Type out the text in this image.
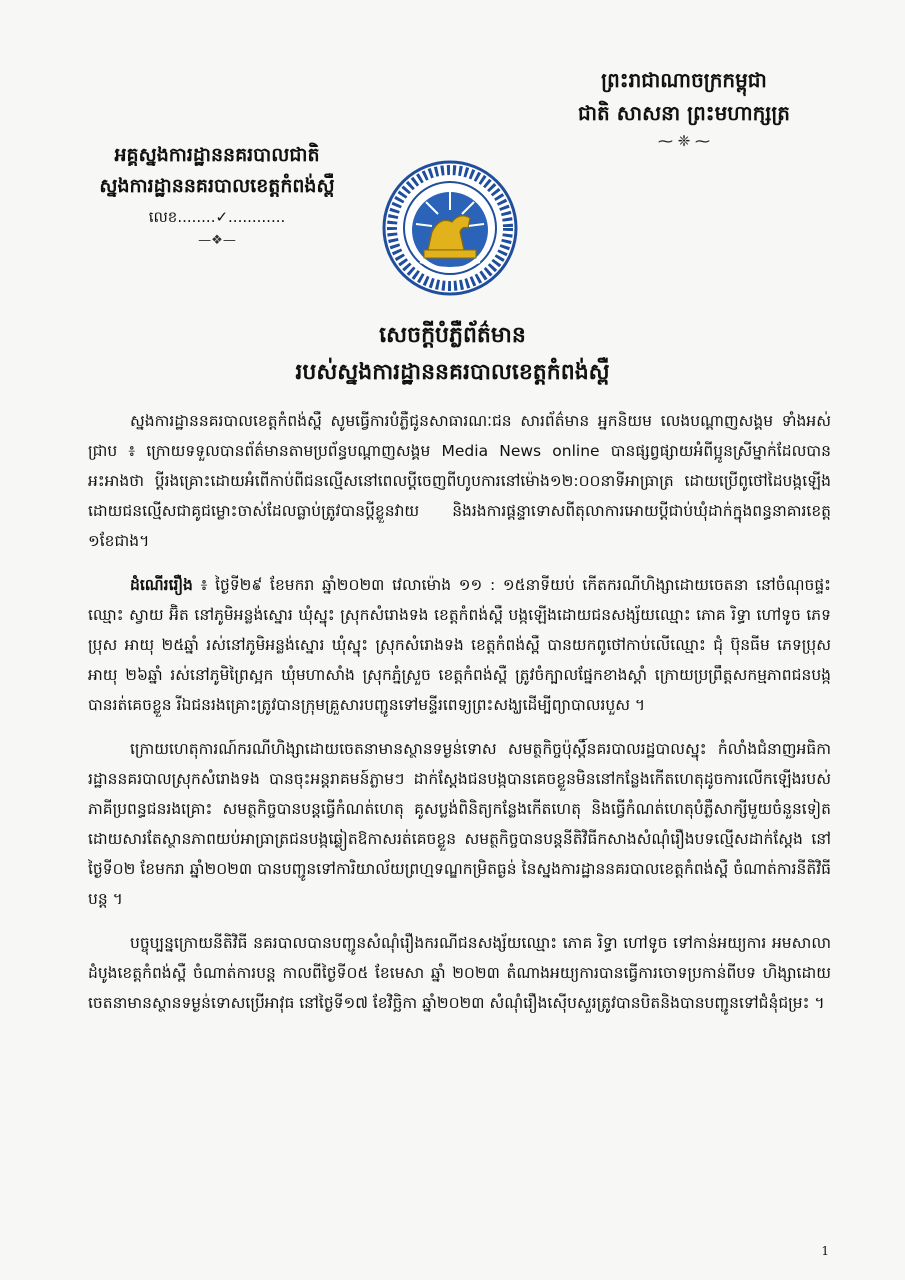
ព្រះរាជាណាចក្រកម្ពុជា
ជាតិ សាសនា ព្រះមហាក្សត្រ
⁓ ❈ ⁓
អគ្គស្នងការដ្ឋាននគរបាលជាតិ
ស្នងការដ្ឋាននគរបាលខេត្តកំពង់ស្ពឺ
លេខ........✓............
—❖—
សេចក្ដីបំភ្លឺព័ត៌មាន
របស់ស្នងការដ្ឋាននគរបាលខេត្តកំពង់ស្ពឺ

ស្នងការដ្ឋាននគរបាលខេត្តកំពង់ស្ពឺ សូមធ្វើការបំភ្លឺជូនសាធារណៈជន សារព័ត៌មាន អ្នកនិយម លេងបណ្ដាញសង្គម ទាំងអស់ជ្រាប ៖ ក្រោយទទួលបានព័ត៌មានតាមប្រព័ន្ធបណ្ដាញសង្គម Media News online បានផ្សព្វផ្សាយអំពីប្អូនស្រីម្នាក់ដែលបានអះអាងថា ប្ដីរងគ្រោះដោយអំពើកាប់ពីជនល្មើសនៅពេលប្ដីចេញពីហូបការនៅម៉ោង១២:០០នាទីអាធ្រាត្រ ដោយប្រើពូថៅដៃបង្កឡើងដោយជនល្មើសជាគូជម្លោះចាស់ដែលធ្លាប់ត្រូវបានប្ដីខ្លួនវាយ និងរងការផ្ដន្ទាទោសពីតុលាការអោយប្ដីជាប់ឃុំដាក់ក្នុងពន្ធនាគារខេត្ត ១ខែជាង។

ដំណើររឿង ៖ ថ្ងៃទី២៩ ខែមករា ឆ្នាំ២០២៣ វេលាម៉ោង ១១ : ១៥នាទីយប់ កើតករណីហិង្សាដោយចេតនា នៅចំណុចផ្ទះឈ្មោះ ស្វាយ អ៊ិត នៅភូមិអន្លង់ស្នោរ ឃុំស្នុះ ស្រុកសំរោងទង ខេត្តកំពង់ស្ពឺ បង្កឡើងដោយជនសង្ស័យឈ្មោះ ភោគ រិទ្ធា ហៅទូច ភេទប្រុស អាយុ ២៥ឆ្នាំ រស់នៅភូមិអន្លង់ស្នោរ ឃុំស្នុះ ស្រុកសំរោងទង ខេត្តកំពង់ស្ពឺ បានយកពូថៅកាប់លើឈ្មោះ ជុំ ប៊ុនធីម ភេទប្រុស អាយុ ២៦ឆ្នាំ រស់នៅភូមិព្រៃស្អក ឃុំមហាសាំង ស្រុកភ្នំស្រួច ខេត្តកំពង់ស្ពឺ ត្រូវចំក្បាលផ្នែកខាងស្ដាំ ក្រោយប្រព្រឹត្តសកម្មភាពជនបង្កបានរត់គេចខ្លួន រីឯជនរងគ្រោះត្រូវបានក្រុមគ្រួសារបញ្ជូនទៅមន្ទីរពេទ្យព្រះសង្ឃដើម្បីព្យាបាលរបួស ។

ក្រោយហេតុការណ៍ករណីហិង្សាដោយចេតនាមានស្ថានទម្ងន់ទោស សមត្ថកិច្ចប៉ុស្តិ៍នគរបាលរដ្ឋបាលស្នុះ កំលាំងជំនាញអធិការដ្ឋាននគរបាលស្រុកសំរោងទង បានចុះអន្តរាគមន៍ភ្លាមៗ ដាក់ស្ដែងជនបង្កបានគេចខ្លួនមិននៅកន្លែងកើតហេតុដូចការលើកឡើងរបស់ភាគីប្រពន្ធជនរងគ្រោះ សមត្ថកិច្ចបានបន្តធ្វើកំណត់ហេតុ គូសប្លង់ពិនិត្យកន្លែងកើតហេតុ និងធ្វើកំណត់ហេតុបំភ្លឺសាក្សីមួយចំនួនទៀត ដោយសារតែស្ថានភាពយប់អាធ្រាត្រជនបង្កឆ្លៀតឱកាសរត់គេចខ្លួន សមត្ថកិច្ចបានបន្តនីតិវិធីកសាងសំណុំរឿងបទល្មើសដាក់ស្ដែង នៅថ្ងៃទី០២ ខែមករា ឆ្នាំ២០២៣ បានបញ្ជូនទៅការិយាល័យព្រហ្មទណ្ឌកម្រិតធ្ងន់ នៃស្នងការដ្ឋាននគរបាលខេត្តកំពង់ស្ពឺ ចំណាត់ការនីតិវិធីបន្ត ។

បច្ចុប្បន្នក្រោយនីតិវិធី នគរបាលបានបញ្ជូនសំណុំរឿងករណីជនសង្ស័យឈ្មោះ ភោគ រិទ្ធា ហៅទូច ទៅកាន់អយ្យការ អមសាលាដំបូងខេត្តកំពង់ស្ពឺ ចំណាត់ការបន្ត កាលពីថ្ងៃទី០៥ ខែមេសា ឆ្នាំ ២០២៣ តំណាងអយ្យការបានធ្វើការចោទប្រកាន់ពីបទ ហិង្សាដោយចេតនាមានស្ថានទម្ងន់ទោសប្រើអាវុធ នៅថ្ងៃទី១៧ ខែវិច្ឆិកា ឆ្នាំ២០២៣ សំណុំរឿងស៊ើបសួរត្រូវបានបិតនិងបានបញ្ជូនទៅជំនុំជម្រះ ។

1
